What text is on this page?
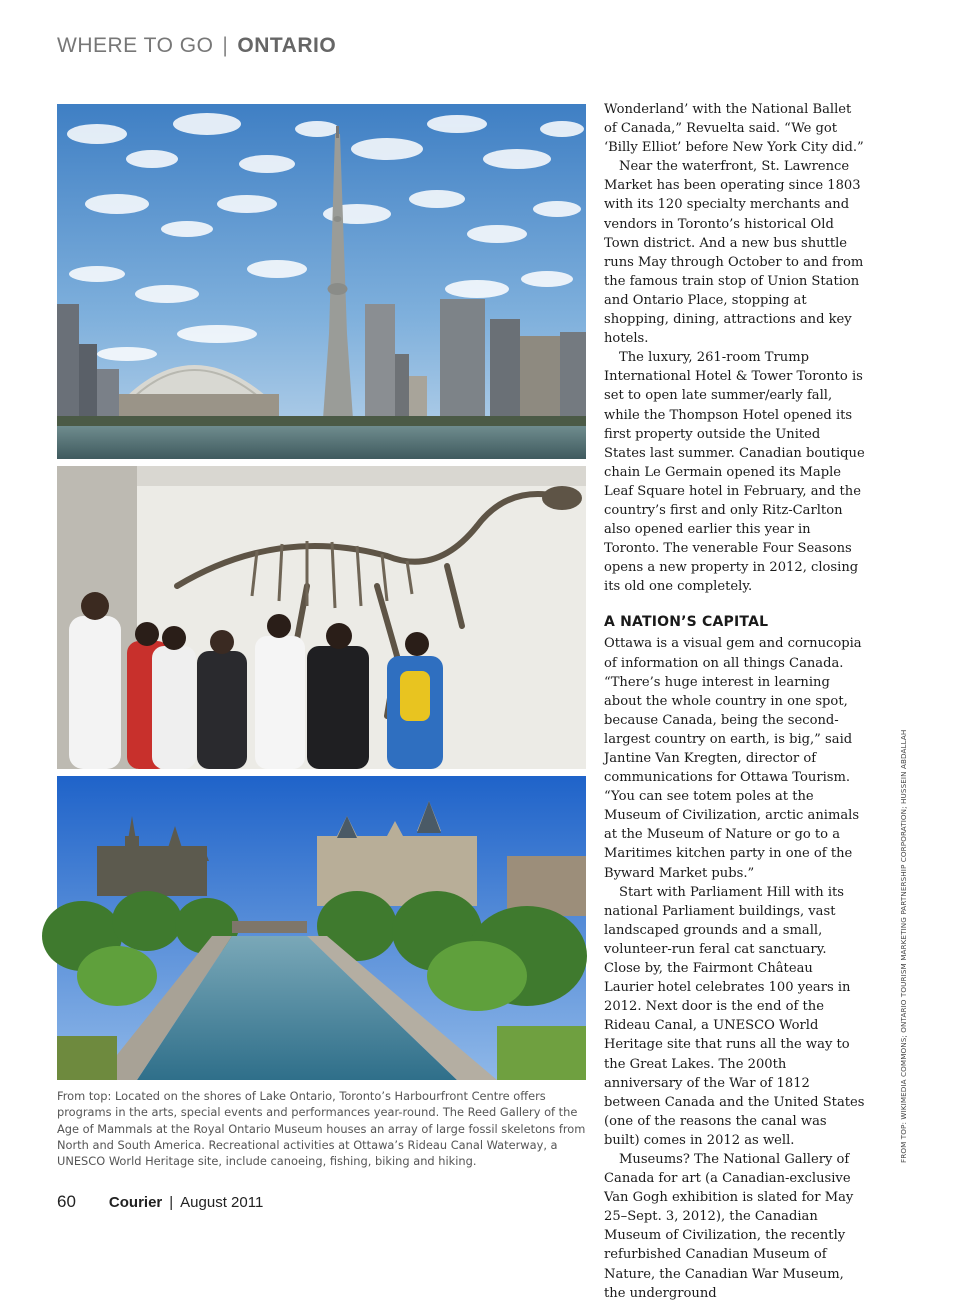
WHERE TO GO | ONTARIO
From top: Located on the shores of Lake Ontario, Toronto’s Harbourfront Centre offers programs in the arts, special events and performances year-round. The Reed Gallery of the Age of Mammals at the Royal Ontario Museum houses an array of large fossil skeletons from North and South America. Recreational activities at Ottawa’s Rideau Canal Waterway, a UNESCO World Heritage site, include canoeing, fishing, biking and hiking.

Wonderland’ with the National Ballet of Canada,” Revuelta said. “We got ‘Billy Elliot’ before New York City did.”

Near the waterfront, St. Lawrence Market has been operating since 1803 with its 120 specialty merchants and vendors in Toronto’s historical Old Town district. And a new bus shuttle runs May through October to and from the famous train stop of Union Station and Ontario Place, stopping at shopping, dining, attractions and key hotels.

The luxury, 261-room Trump International Hotel & Tower Toronto is set to open late summer/early fall, while the Thompson Hotel opened its first property outside the United States last summer. Canadian boutique chain Le Germain opened its Maple Leaf Square hotel in February, and the country’s first and only Ritz-Carlton also opened earlier this year in Toronto. The venerable Four Seasons opens a new property in 2012, closing its old one completely.

A NATION’S CAPITAL

Ottawa is a visual gem and cornucopia of information on all things Canada. “There’s huge interest in learning about the whole country in one spot, because Canada, being the second-largest country on earth, is big,” said Jantine Van Kregten, director of communications for Ottawa Tourism. “You can see totem poles at the Museum of Civilization, arctic animals at the Museum of Nature or go to a Maritimes kitchen party in one of the Byward Market pubs.”

Start with Parliament Hill with its national Parliament buildings, vast landscaped grounds and a small, volunteer-run feral cat sanctuary. Close by, the Fairmont Château Laurier hotel celebrates 100 years in 2012. Next door is the end of the Rideau Canal, a UNESCO World Heritage site that runs all the way to the Great Lakes. The 200th anniversary of the War of 1812 between Canada and the United States (one of the reasons the canal was built) comes in 2012 as well.

Museums? The National Gallery of Canada for art (a Canadian-exclusive Van Gogh exhibition is slated for May 25–Sept. 3, 2012), the Canadian Museum of Civilization, the recently refurbished Canadian Museum of Nature, the Canadian War Museum, the underground

FROM TOP: WIKIMEDIA COMMONS; ONTARIO TOURISM MARKETING PARTNERSHIP CORPORATION; HUSSEIN ABDALLAH
60 Courier | August 2011
